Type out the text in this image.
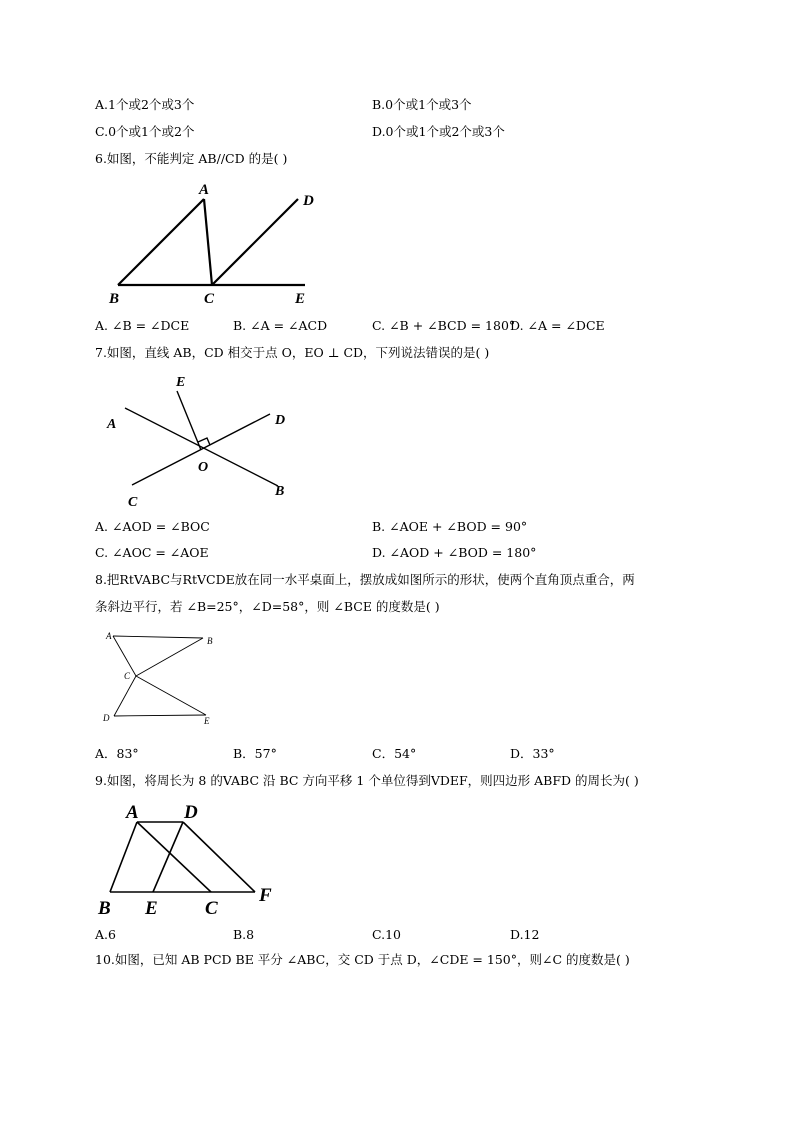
A.1个或2个或3个	B.0个或1个或3个
C.0个或1个或2个	D.0个或1个或2个或3个
6.如图，不能判定 AB//CD 的是( )
A
D
B	C	E
A. ∠B = ∠DCE	B. ∠A = ∠ACD	C. ∠B + ∠BCD = 180°
D. ∠A = ∠DCE
7.如图，直线 AB，CD 相交于点 O，EO ⊥ CD，下列说法错误的是( )
E
A	D
O
C
B
A. ∠AOD = ∠BOC	B. ∠AOE + ∠BOD = 90°
C. ∠AOC = ∠AOE	D. ∠AOD + ∠BOD = 180°
8.把RtVABC与RtVCDE放在同一水平桌面上，摆放成如图所示的形状，使两个直角顶点重合，两
条斜边平行，若 ∠B=25°，∠D=58°，则 ∠BCE 的度数是( )
A	B
C
D	E
A．83°	B．57°	C．54°	D．33°
9.如图，将周长为 8 的VABC 沿 BC 方向平移 1 个单位得到VDEF，则四边形 ABFD 的周长为( )
A D
B E C
F
A.6	B.8	C.10	D.12
10.如图，已知 AB PCD BE 平分 ∠ABC，交 CD 于点 D，∠CDE = 150°，则∠C 的度数是( )
